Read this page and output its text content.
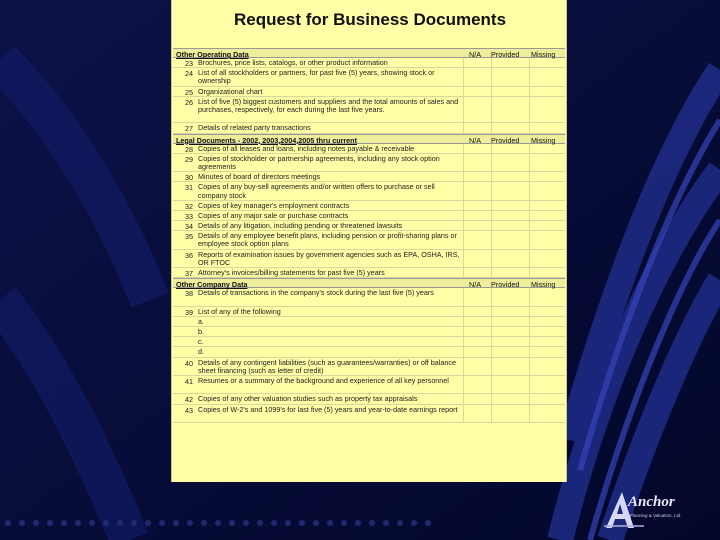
Request for Business Documents
Other Operating Data	N/A Provided Missing
23 Brochures, price lists, catalogs, or other product information
24 List of all stockholders or partners, for past five (5) years, showing stock or ownership
25 Organizational chart
26 List of five (5) biggest customers and suppliers and the total amounts of sales and purchases, respectively, for each during the last five years.
27 Details of related party transactions
Legal Documents - 2002, 2003,2004,2005 thru current	N/A Provided Missing
28 Copies of all leases and loans, including notes payable & receivable
29 Copies of stockholder or partnership agreements, including any stock option agreements
30 Minutes of board of directors meetings
31 Copies of any buy-sell agreements and/or written offers to purchase or sell company stock
32 Copies of key manager's employment contracts
33 Copies of any major sale or purchase contracts
34 Details of any litigation, including pending or threatened lawsuits
35 Details of any employee benefit plans, including pension or profit-sharing plans or employee stock option plans
36 Reports of examination issues by government agencies such as EPA, OSHA, IRS, OR FTOC
37 Attorney's invoices/billing statements for past five (5) years
Other Company Data	N/A Provided Missing
38 Details of transactions in the company's stock during the last five (5) years
39 List of any of the following
a.
b.
c.
d.
40 Details of any contingent liabilities (such as guarantees/warranties) or off balance sheet financing (such as letter of credit)
41 Resumes or a summary of the background and experience of all key personnel
42 Copies of any other valuation studies such as property tax appraisals
43 Copies of W-2's and 1099's for last five (5) years and year-to-date earnings report
Anchor
Planning & Valuation, Ltd.
